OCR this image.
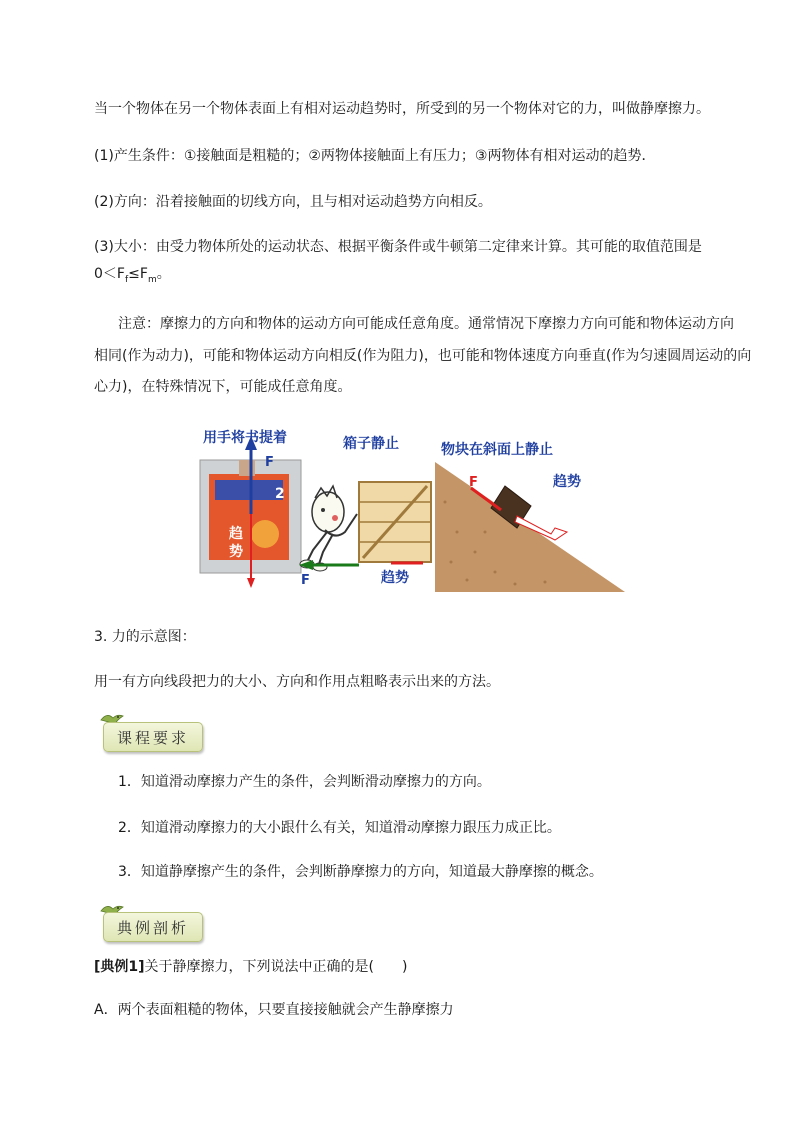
当一个物体在另一个物体表面上有相对运动趋势时，所受到的另一个物体对它的力，叫做静摩擦力。

(1)产生条件：①接触面是粗糙的；②两物体接触面上有压力；③两物体有相对运动的趋势．

(2)方向：沿着接触面的切线方向，且与相对运动趋势方向相反。

(3)大小：由受力物体所处的运动状态、根据平衡条件或牛顿第二定律来计算。其可能的取值范围是

$0<F_f\le F_m$。

注意：摩擦力的方向和物体的运动方向可能成任意角度。通常情况下摩擦力方向可能和物体运动方向

相同(作为动力)，可能和物体运动方向相反(作为阻力)，也可能和物体速度方向垂直(作为匀速圆周运动的向

心力)，在特殊情况下，可能成任意角度。

2
F
趋
势
用手将书提着	箱子静止
F	趋势
F	趋势
物块在斜面上静止

3. 力的示意图：

用一有方向线段把力的大小、方向和作用点粗略表示出来的方法。

课程要求

1．知道滑动摩擦力产生的条件，会判断滑动摩擦力的方向。

2．知道滑动摩擦力的大小跟什么有关，知道滑动摩擦力跟压力成正比。

3．知道静摩擦产生的条件，会判断静摩擦力的方向，知道最大静摩擦的概念。

典例剖析

[典例1]关于静摩擦力，下列说法中正确的是(　　)

A．两个表面粗糙的物体，只要直接接触就会产生静摩擦力
